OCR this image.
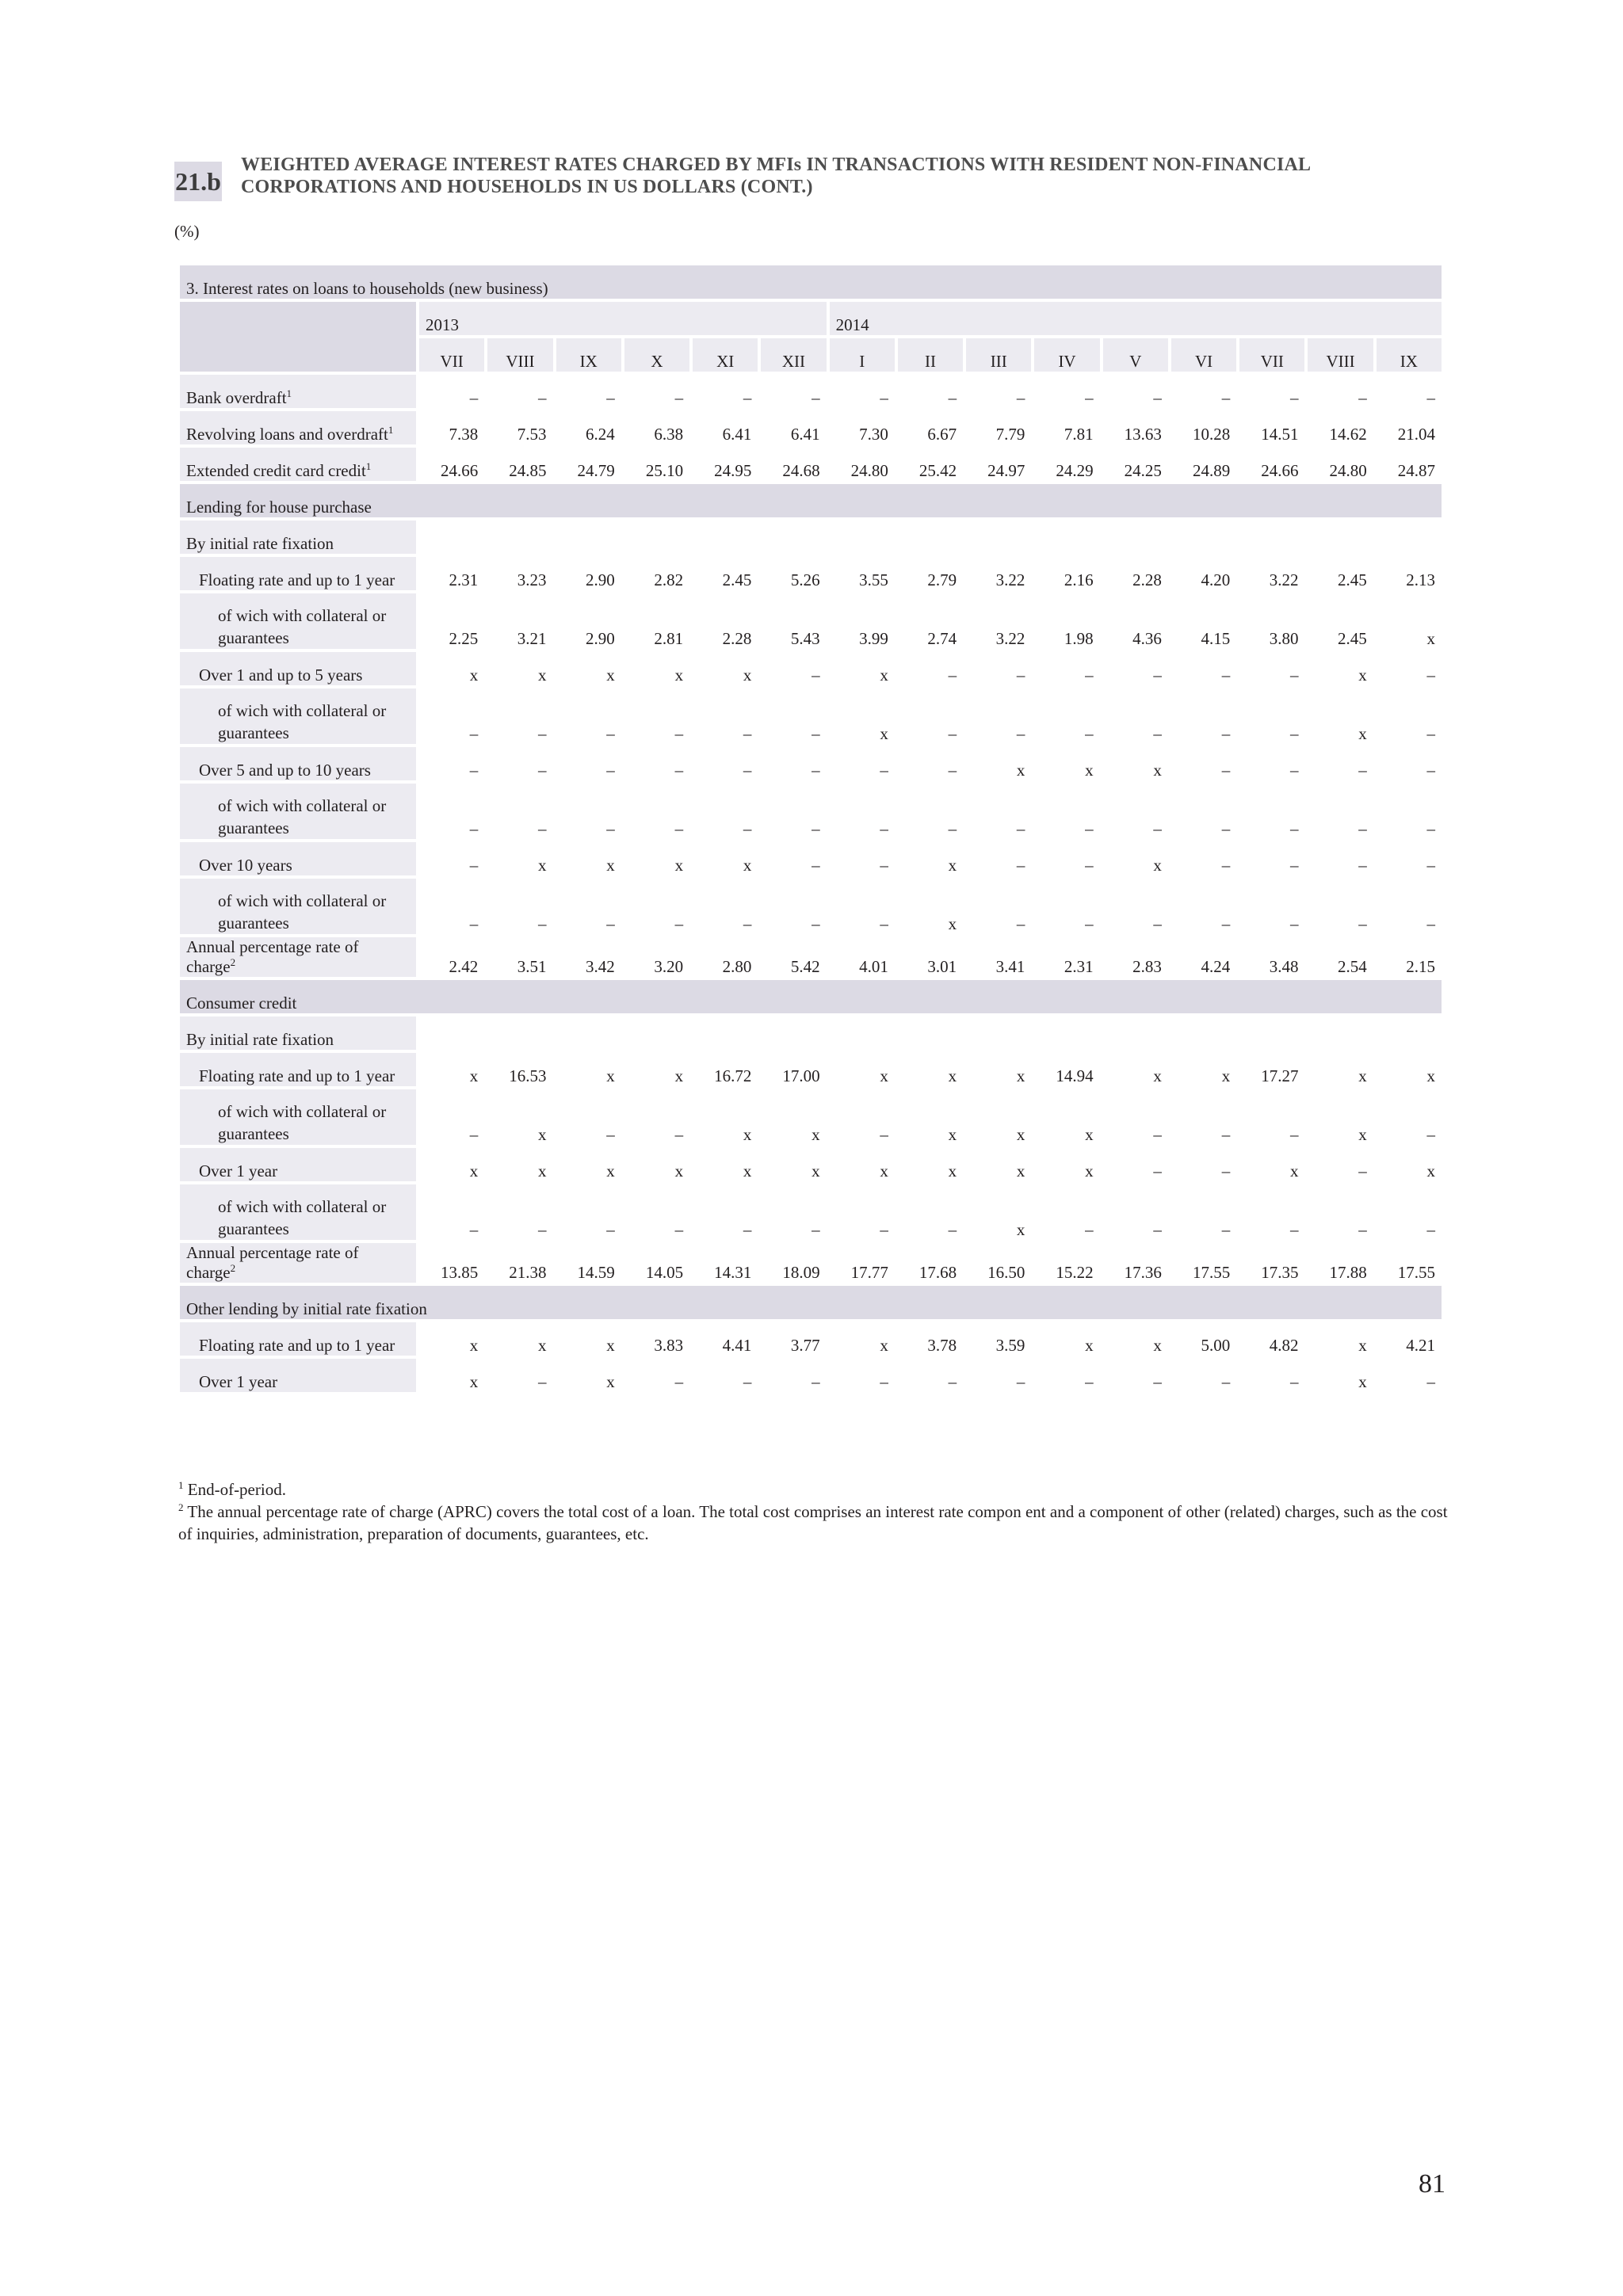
21.b
WEIGHTED AVERAGE INTEREST RATES CHARGED BY MFIs IN TRANSACTIONS WITH RESIDENT NON-FINANCIAL
CORPORATIONS AND HOUSEHOLDS IN US DOLLARS (CONT.)
(%)
3. Interest rates on loans to households (new business)															
	2013						2014								
	VII	VIII	IX	X	XI	XII	I	II	III	IV	V	VI	VII	VIII	IX
Bank overdraft$^1$	–	–	–	–	–	–	–	–	–	–	–	–	–	–	–
Revolving loans and overdraft$^1$	7.38	7.53	6.24	6.38	6.41	6.41	7.30	6.67	7.79	7.81	13.63	10.28	14.51	14.62	21.04
Extended credit card credit$^1$	24.66	24.85	24.79	25.10	24.95	24.68	24.80	25.42	24.97	24.29	24.25	24.89	24.66	24.80	24.87
Lending for house purchase															
By initial rate fixation															
Floating rate and up to 1 year	2.31	3.23	2.90	2.82	2.45	5.26	3.55	2.79	3.22	2.16	2.28	4.20	3.22	2.45	2.13
of wich with collateral or guarantees	2.25	3.21	2.90	2.81	2.28	5.43	3.99	2.74	3.22	1.98	4.36	4.15	3.80	2.45	x
Over 1 and up to 5 years	x	x	x	x	x	–	x	–	–	–	–	–	–	x	–
of wich with collateral or guarantees	–	–	–	–	–	–	x	–	–	–	–	–	–	x	–
Over 5 and up to 10 years	–	–	–	–	–	–	–	–	x	x	x	–	–	–	–
of wich with collateral or guarantees	–	–	–	–	–	–	–	–	–	–	–	–	–	–	–
Over 10 years	–	x	x	x	x	–	–	x	–	–	x	–	–	–	–
of wich with collateral or guarantees	–	–	–	–	–	–	–	x	–	–	–	–	–	–	–
Annual percentage rate of charge$^2$	2.42	3.51	3.42	3.20	2.80	5.42	4.01	3.01	3.41	2.31	2.83	4.24	3.48	2.54	2.15
Consumer credit															
By initial rate fixation															
Floating rate and up to 1 year	x	16.53	x	x	16.72	17.00	x	x	x	14.94	x	x	17.27	x	x
of wich with collateral or guarantees	–	x	–	–	x	x	–	x	x	x	–	–	–	x	–
Over 1 year	x	x	x	x	x	x	x	x	x	x	–	–	x	–	x
of wich with collateral or guarantees	–	–	–	–	–	–	–	–	x	–	–	–	–	–	–
Annual percentage rate of charge$^2$	13.85	21.38	14.59	14.05	14.31	18.09	17.77	17.68	16.50	15.22	17.36	17.55	17.35	17.88	17.55
Other lending by initial rate fixation															
Floating rate and up to 1 year	x	x	x	3.83	4.41	3.77	x	3.78	3.59	x	x	5.00	4.82	x	4.21
Over 1 year	x	–	x	–	–	–	–	–	–	–	–	–	–	x	–

$^1$ End-of-period.

$^2$ The annual percentage rate of charge (APRC) covers the total cost of a loan. The total cost comprises an interest rate compon ent and a component of other (related) charges, such as the cost of inquiries, administration, preparation of documents, guarantees, etc.

81
